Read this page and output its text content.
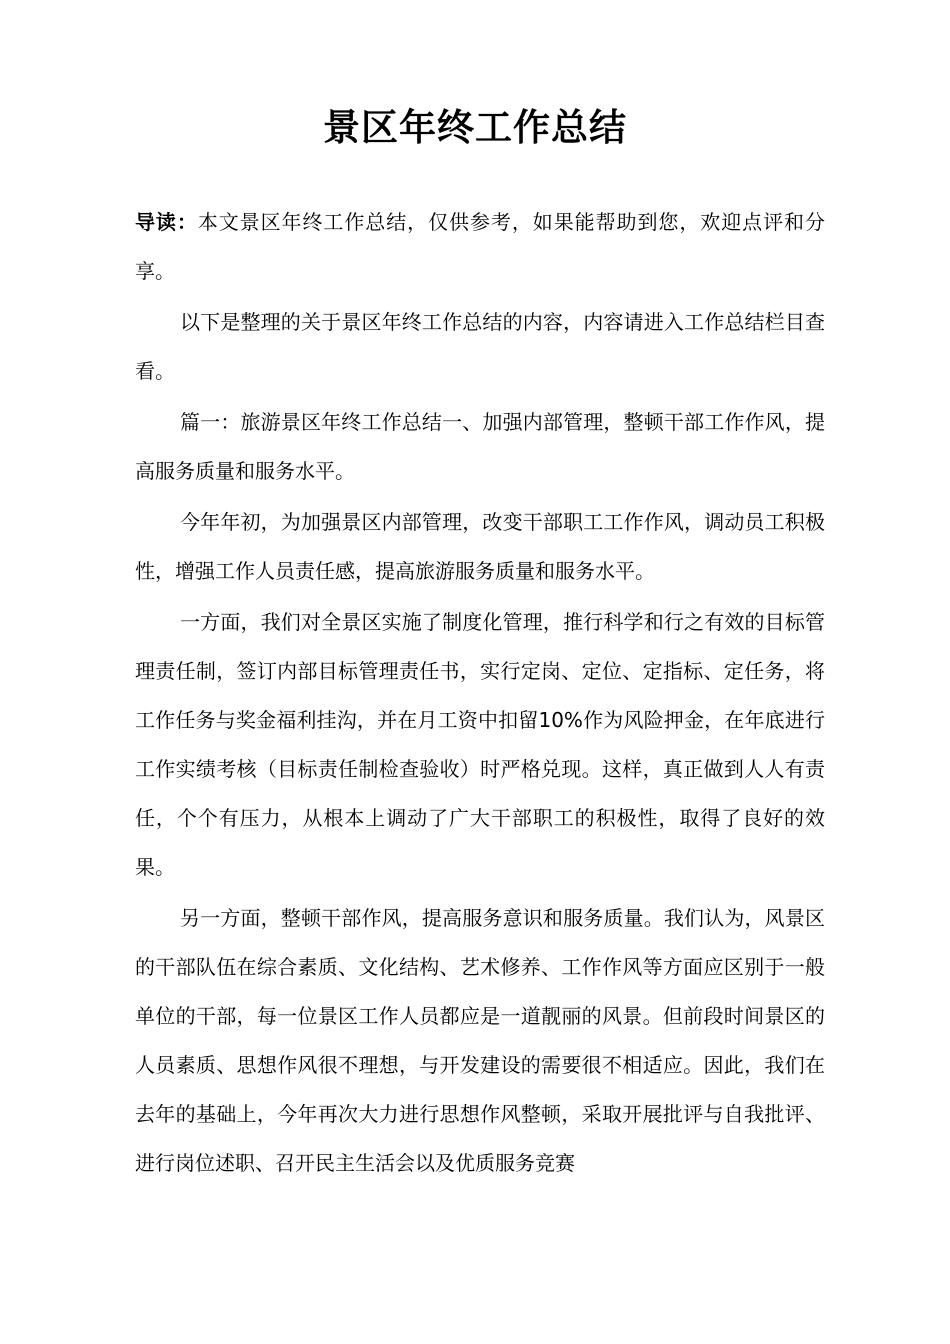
景区年终工作总结

导读：本文景区年终工作总结，仅供参考，如果能帮助到您，欢迎点评和分享。

以下是整理的关于景区年终工作总结的内容，内容请进入工作总结栏目查看。

篇一：旅游景区年终工作总结一、加强内部管理，整顿干部工作作风，提高服务质量和服务水平。

今年年初，为加强景区内部管理，改变干部职工工作作风，调动员工积极性，增强工作人员责任感，提高旅游服务质量和服务水平。

一方面，我们对全景区实施了制度化管理，推行科学和行之有效的目标管理责任制，签订内部目标管理责任书，实行定岗、定位、定指标、定任务，将工作任务与奖金福利挂沟，并在月工资中扣留10%作为风险押金，在年底进行工作实绩考核（目标责任制检查验收）时严格兑现。这样，真正做到人人有责任，个个有压力，从根本上调动了广大干部职工的积极性，取得了良好的效果。

另一方面，整顿干部作风，提高服务意识和服务质量。我们认为，风景区的干部队伍在综合素质、文化结构、艺术修养、工作作风等方面应区别于一般单位的干部，每一位景区工作人员都应是一道靓丽的风景。但前段时间景区的人员素质、思想作风很不理想，与开发建设的需要很不相适应。因此，我们在去年的基础上，今年再次大力进行思想作风整顿，采取开展批评与自我批评、进行岗位述职、召开民主生活会以及优质服务竞赛
